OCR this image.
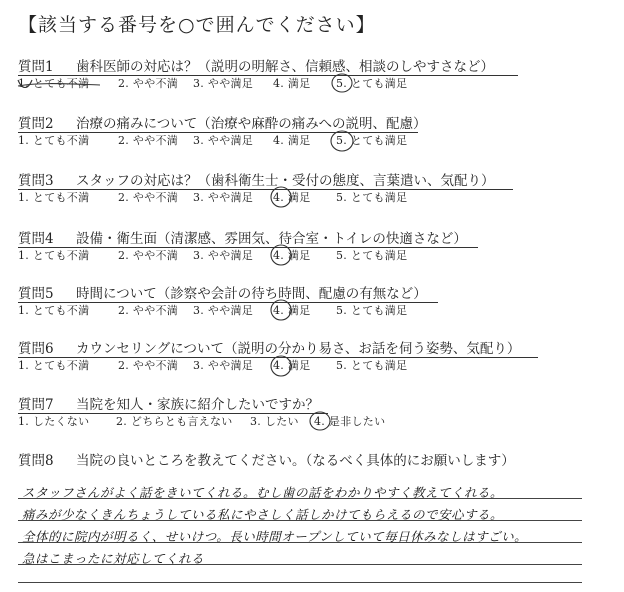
【該当する番号を○で囲んでください】
質問1 歯科医師の対応は？（説明の明解さ、信頼感、相談のしやすさなど）
1. とても不満	2. やや不満 3. やや満足 4. 満足 5. とても満足
質問2 治療の痛みについて（治療や麻酔の痛みへの説明、配慮）
1. とても不満	2. やや不満 3. やや満足 4. 満足 5. とても満足
質問3 スタッフの対応は？（歯科衛生士・受付の態度、言葉遣い、気配り）
1. とても不満	2. やや不満 3. やや満足 4. 満足 5. とても満足
質問4 設備・衛生面（清潔感、雰囲気、待合室・トイレの快適さなど）
1. とても不満	2. やや不満 3. やや満足 4. 満足 5. とても満足
質問5 時間について（診察や会計の待ち時間、配慮の有無など）
1. とても不満	2. やや不満 3. やや満足 4. 満足 5. とても満足
質問6 カウンセリングについて（説明の分かり易さ、お話を伺う姿勢、気配り）
1. とても不満	2. やや不満 3. やや満足 4. 満足 5. とても満足
質問7 当院を知人・家族に紹介したいですか？
1. したくない 2. どちらとも言えない 3. したい 4. 是非したい
質問8 当院の良いところを教えてください。（なるべく具体的にお願いします）
スタッフさんがよく話をきいてくれる。むし歯の話をわかりやすく教えてくれる。
痛みが少なくきんちょうしている私にやさしく話しかけてもらえるので安心する。
全体的に院内が明るく、せいけつ。長い時間オープンしていて毎日休みなしはすごい。
急はこまったに対応してくれる
